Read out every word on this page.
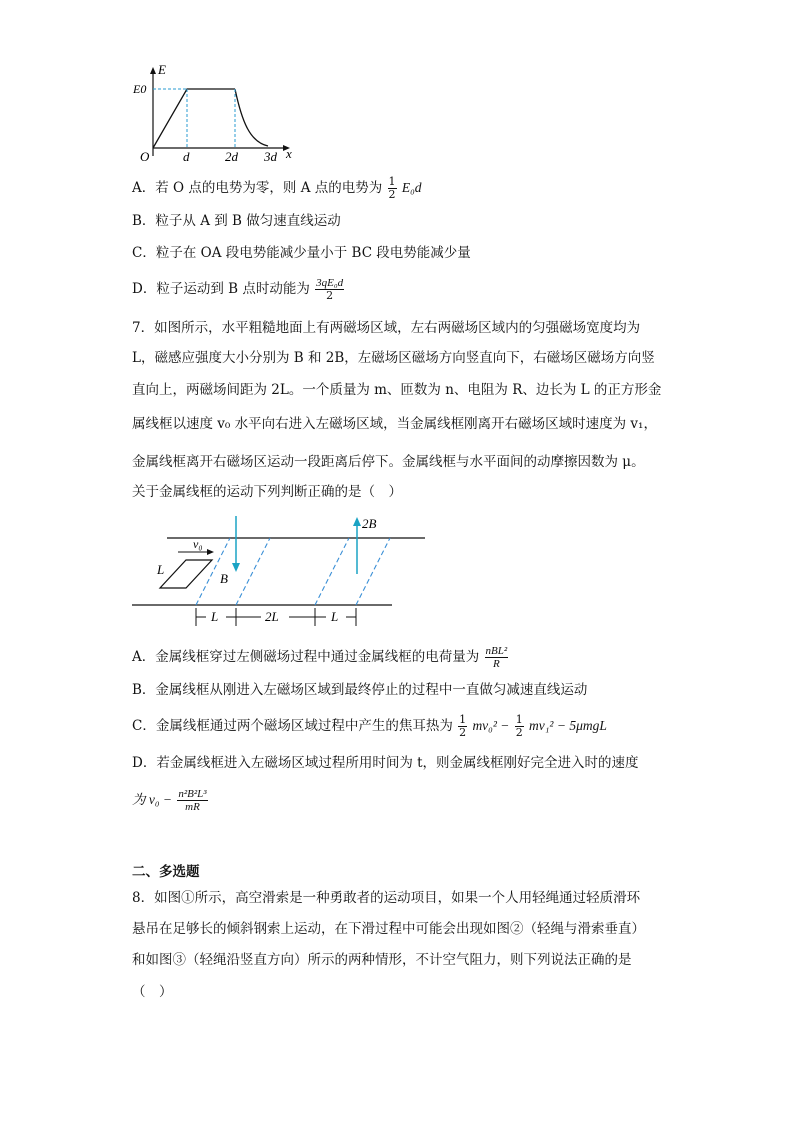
E
E0
O	d	2d 3d x
A．若 O 点的电势为零，则 A 点的电势为 $\frac{1}{2} E_0d$
B．粒子从 A 到 B 做匀速直线运动
C．粒子在 OA 段电势能减少量小于 BC 段电势能减少量
D．粒子运动到 B 点时动能为 $\frac{\text{3qE₀d}}{2}$
7．如图所示，水平粗糙地面上有两磁场区域，左右两磁场区域内的匀强磁场宽度均为
L，磁感应强度大小分别为 B 和 2B，左磁场区磁场方向竖直向下，右磁场区磁场方向竖
直向上，两磁场间距为 2L。一个质量为 m、匝数为 n、电阻为 R、边长为 L 的正方形金
属线框以速度 v₀ 水平向右进入左磁场区域，当金属线框刚离开右磁场区域时速度为 v₁，
金属线框离开右磁场区运动一段距离后停下。金属线框与水平面间的动摩擦因数为 μ。
关于金属线框的运动下列判断正确的是（　）
v₀
L
B
2B
L	2L	L
A．金属线框穿过左侧磁场过程中通过金属线框的电荷量为 $\frac{\text{nBL²}}{R}$
B．金属线框从刚进入左磁场区域到最终停止的过程中一直做匀减速直线运动
C．金属线框通过两个磁场区域过程中产生的焦耳热为 $\frac{1}{2} mv_0^2 - \frac{1}{2} mv_1^2 - 5\mu mgL$
D．若金属线框进入左磁场区域过程所用时间为 t，则金属线框刚好完全进入时的速度
为 $v_0 - \frac{\text{n²B²L³}}{mR}$
二、多选题
8．如图①所示，高空滑索是一种勇敢者的运动项目，如果一个人用轻绳通过轻质滑环
悬吊在足够长的倾斜钢索上运动，在下滑过程中可能会出现如图②（轻绳与滑索垂直）
和如图③（轻绳沿竖直方向）所示的两种情形，不计空气阻力，则下列说法正确的是
（　）
